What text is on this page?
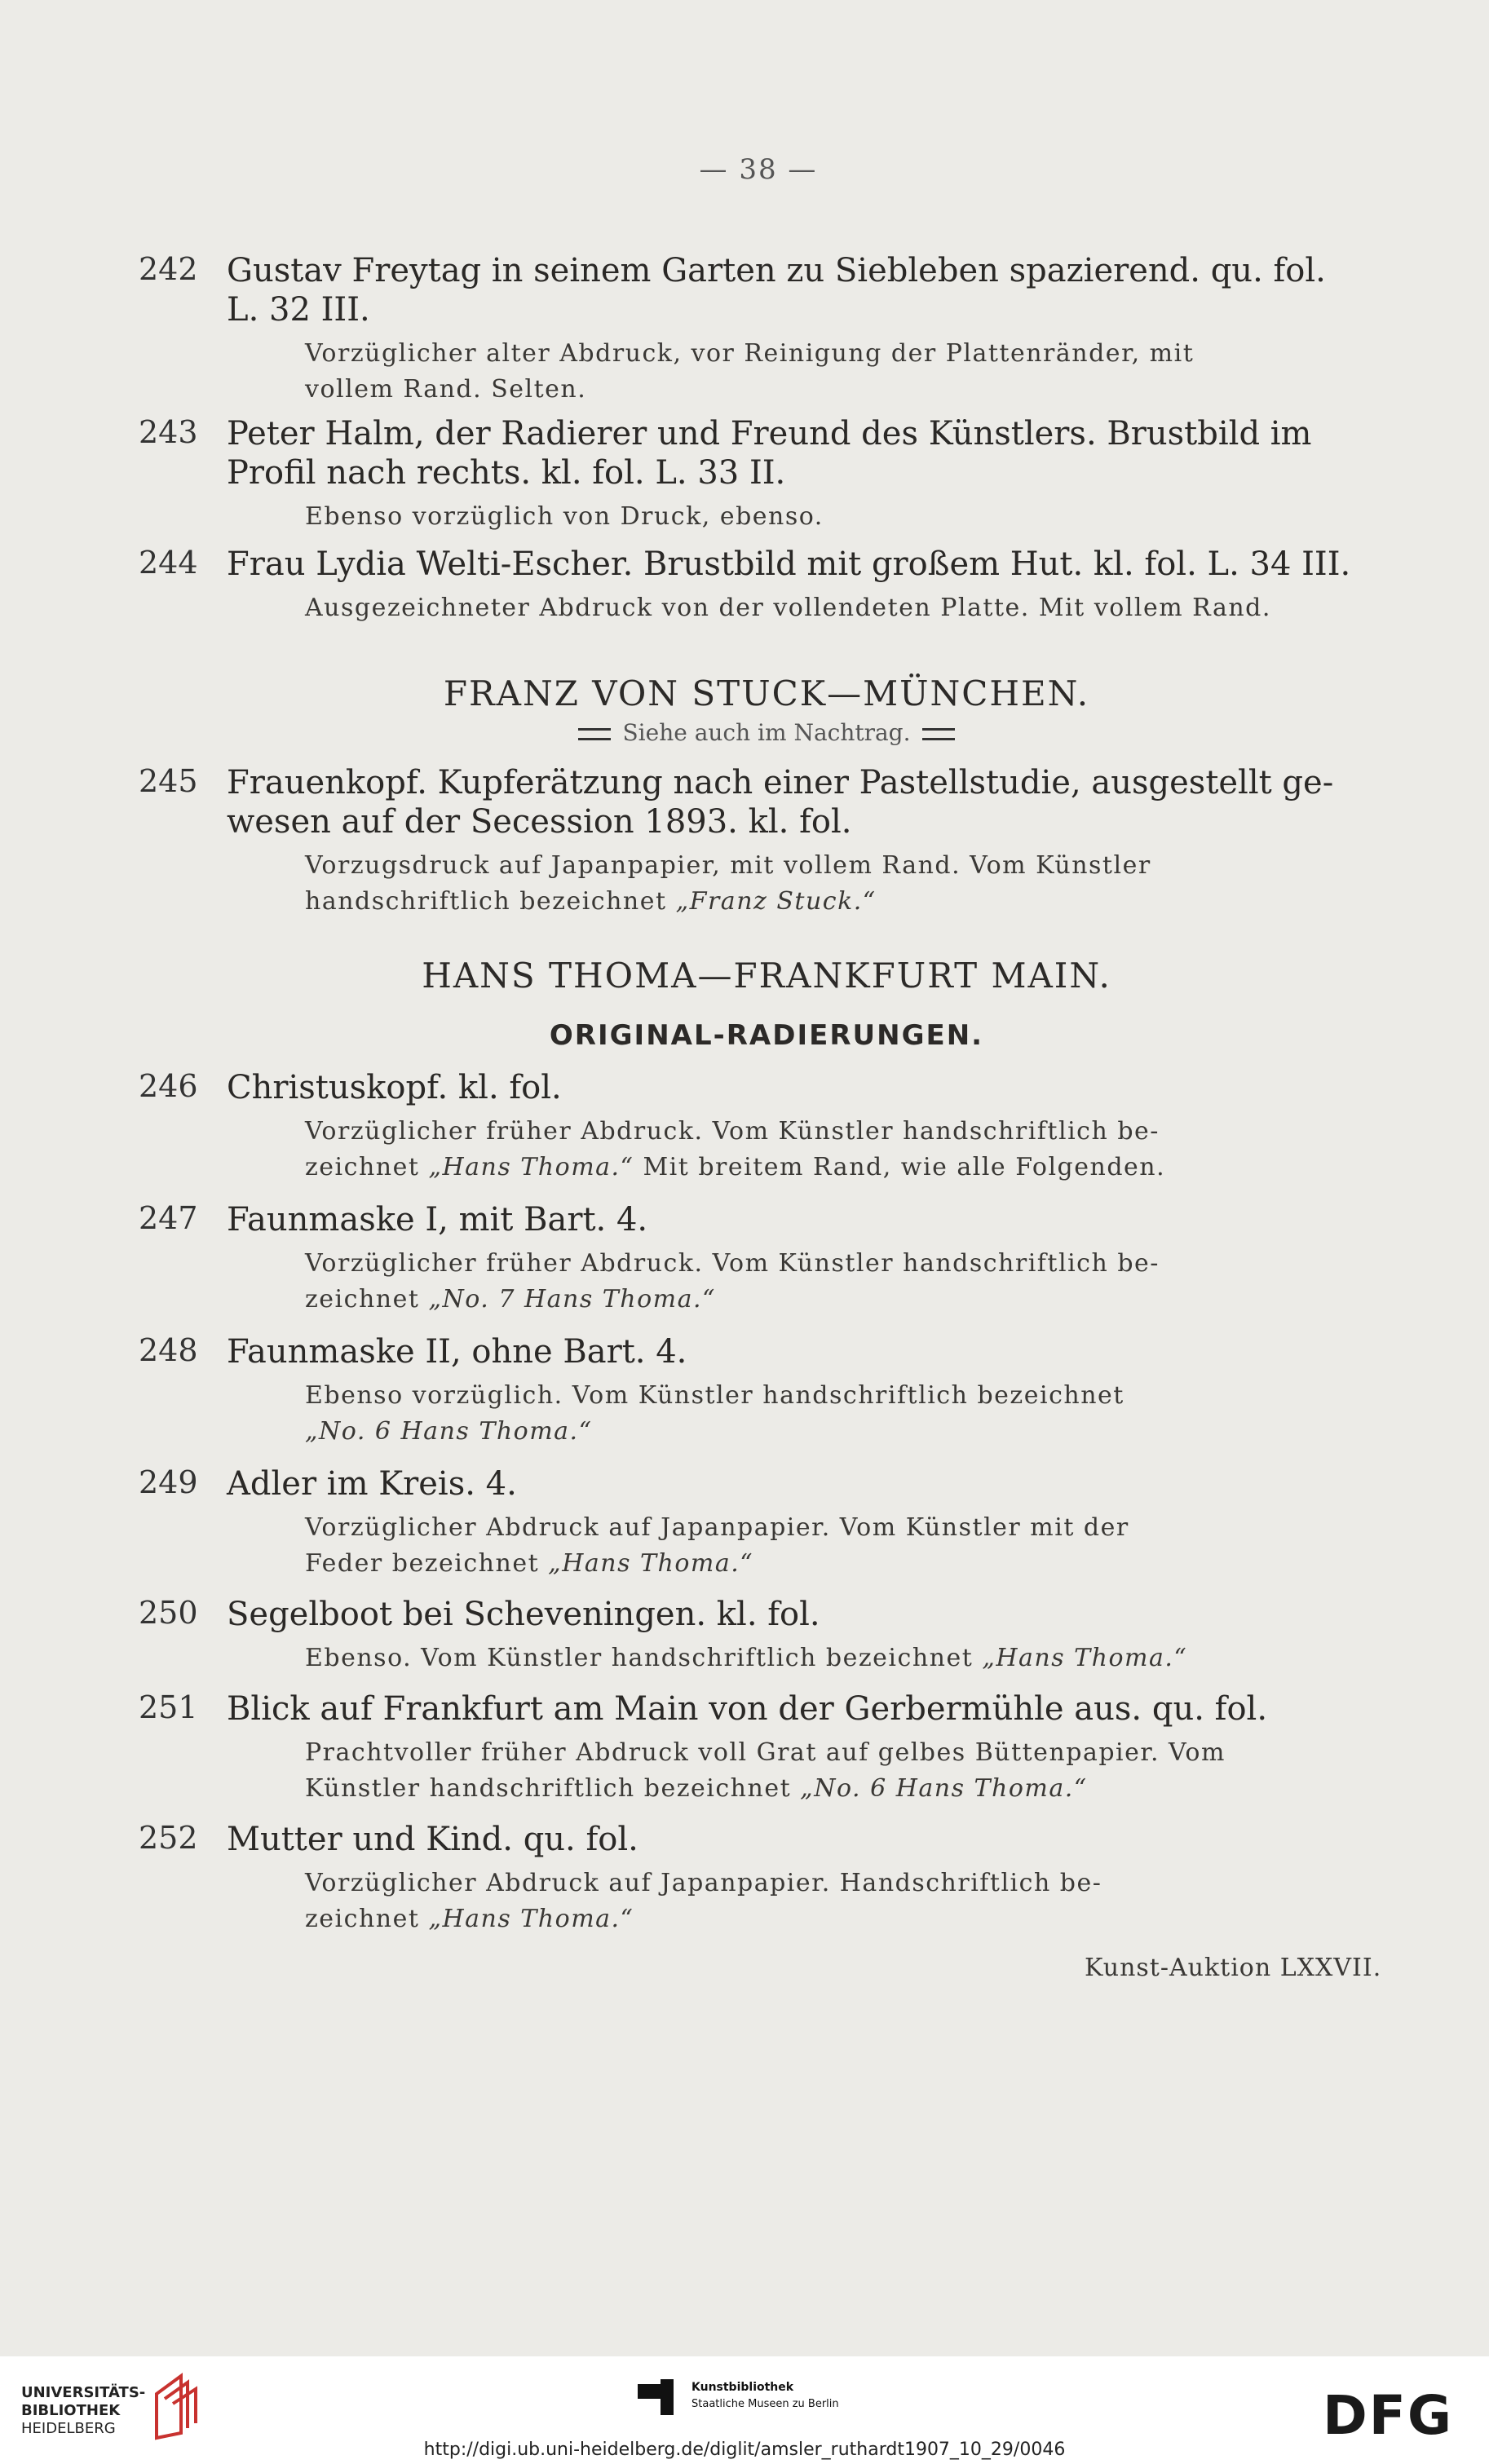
— 38 —
242 Gustav Freytag in seinem Garten zu Siebleben spazierend. qu. fol.
L. 32 III.
Vorzüglicher alter Abdruck, vor Reinigung der Plattenränder, mit
vollem Rand. Selten.
243 Peter Halm, der Radierer und Freund des Künstlers. Brustbild im
Profil nach rechts. kl. fol. L. 33 II.
Ebenso vorzüglich von Druck, ebenso.
244 Frau Lydia Welti-Escher. Brustbild mit großem Hut. kl. fol. L. 34 III.
Ausgezeichneter Abdruck von der vollendeten Platte. Mit vollem Rand.
FRANZ VON STUCK—MÜNCHEN.
Siehe auch im Nachtrag.
245 Frauenkopf. Kupferätzung nach einer Pastellstudie, ausgestellt ge-
wesen auf der Secession 1893. kl. fol.
Vorzugsdruck auf Japanpapier, mit vollem Rand. Vom Künstler
handschriftlich bezeichnet „Franz Stuck.“
HANS THOMA—FRANKFURT MAIN.
ORIGINAL-RADIERUNGEN.
246 Christuskopf. kl. fol.
Vorzüglicher früher Abdruck. Vom Künstler handschriftlich be-
zeichnet „Hans Thoma.“ Mit breitem Rand, wie alle Folgenden.
247 Faunmaske I, mit Bart. 4.
Vorzüglicher früher Abdruck. Vom Künstler handschriftlich be-
zeichnet „No. 7 Hans Thoma.“
248 Faunmaske II, ohne Bart. 4.
Ebenso vorzüglich. Vom Künstler handschriftlich bezeichnet
„No. 6 Hans Thoma.“
249 Adler im Kreis. 4.
Vorzüglicher Abdruck auf Japanpapier. Vom Künstler mit der
Feder bezeichnet „Hans Thoma.“
250 Segelboot bei Scheveningen. kl. fol.
Ebenso. Vom Künstler handschriftlich bezeichnet „Hans Thoma.“
251 Blick auf Frankfurt am Main von der Gerbermühle aus. qu. fol.
Prachtvoller früher Abdruck voll Grat auf gelbes Büttenpapier. Vom
Künstler handschriftlich bezeichnet „No. 6 Hans Thoma.“
252 Mutter und Kind. qu. fol.
Vorzüglicher Abdruck auf Japanpapier. Handschriftlich be-
zeichnet „Hans Thoma.“
Kunst-Auktion LXXVII.
UNIVERSITÄTS-
BIBLIOTHEK
HEIDELBERG
Kunstbibliothek
Staatliche Museen zu Berlin	DFG
http://digi.ub.uni-heidelberg.de/diglit/amsler_ruthardt1907_10_29/0046
